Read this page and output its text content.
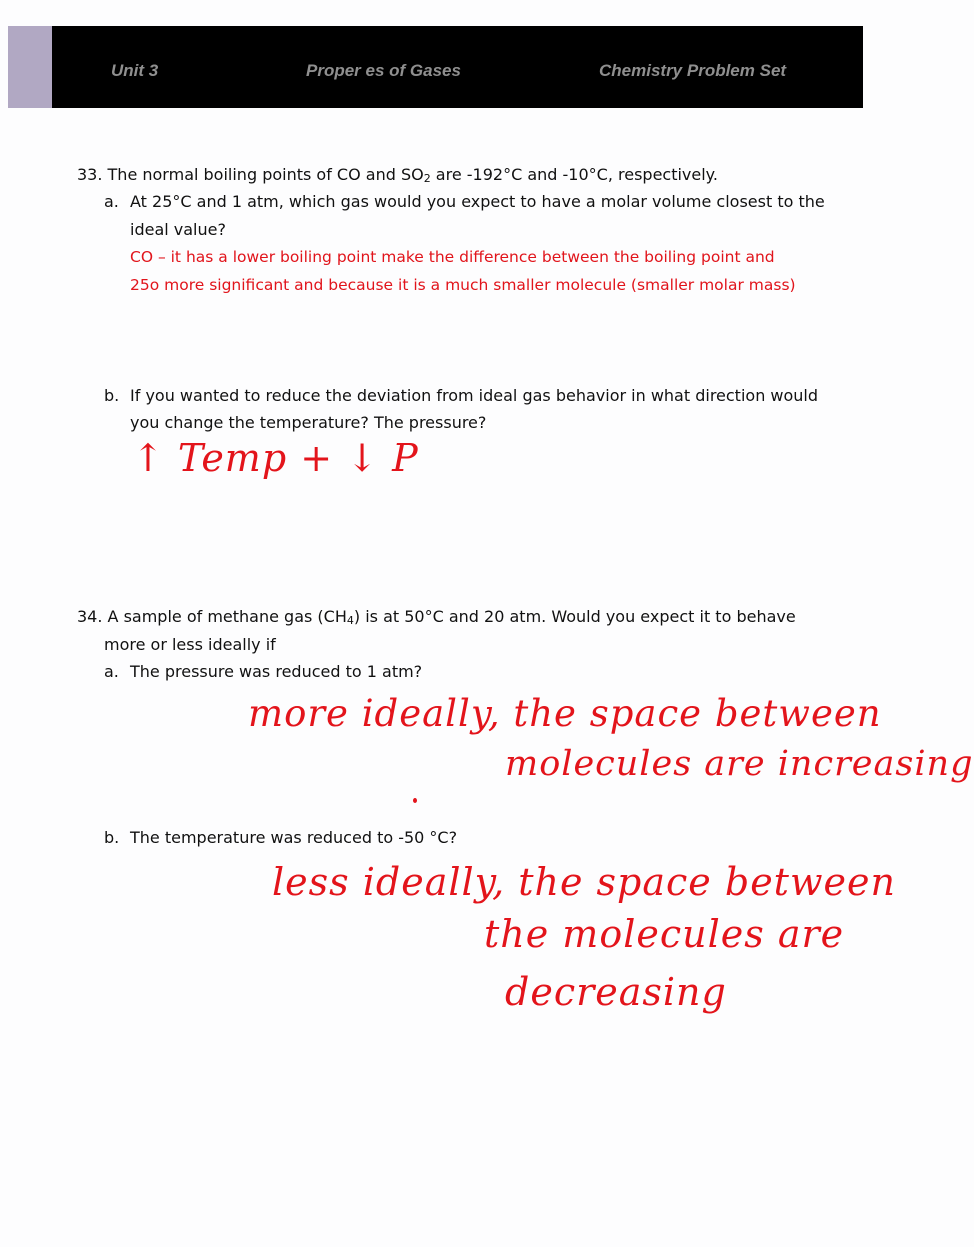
Unit 3	Proper es of Gases	Chemistry Problem Set
33. The normal boiling points of CO and $SO_2$ are -192°C and -10°C, respectively.
a. At 25°C and 1 atm, which gas would you expect to have a molar volume closest to the
ideal value?
CO – it has a lower boiling point make the difference between the boiling point and
25o more significant and because it is a much smaller molecule (smaller molar mass)
b. If you wanted to reduce the deviation from ideal gas behavior in what direction would
you change the temperature? The pressure?
↑ Temp + ↓ P
34. A sample of methane gas $(CH_4)$ is at 50°C and 20 atm. Would you expect it to behave
more or less ideally if
a. The pressure was reduced to 1 atm?
more ideally, the space between
molecules are increasing
b. The temperature was reduced to -50 °C?
less ideally, the space between
the molecules are
decreasing
